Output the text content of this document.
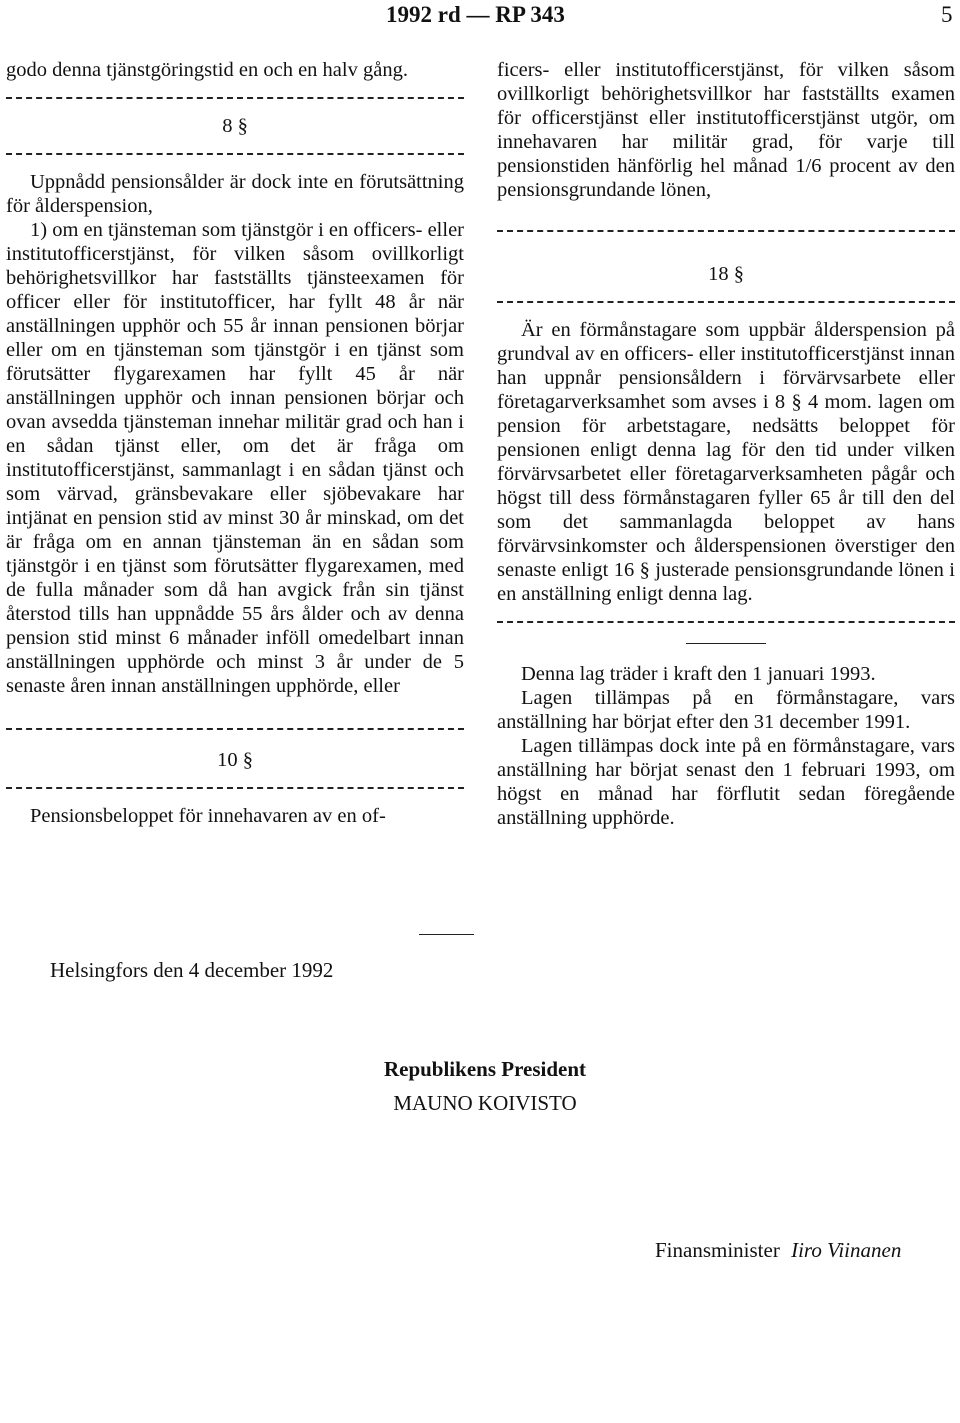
1992 rd — RP 343	5

godo denna tjänstgöringstid en och en halv gång.

8 §

Uppnådd pensionsålder är dock inte en förutsättning för ålderspension,

1) om en tjänsteman som tjänstgör i en officers- eller institutofficerstjänst, för vilken såsom ovillkorligt behörighetsvillkor har fastställts tjänsteexamen för officer eller för institutofficer, har fyllt 48 år när anställningen upphör och 55 år innan pensionen börjar eller om en tjänsteman som tjänstgör i en tjänst som förutsätter flygarexamen har fyllt 45 år när anställningen upphör och innan pensionen börjar och ovan avsedda tjänsteman innehar militär grad och han i en sådan tjänst eller, om det är fråga om institutofficerstjänst, sammanlagt i en sådan tjänst och som värvad, gränsbevakare eller sjöbevakare har intjänat en pension stid av minst 30 år minskad, om det är fråga om en annan tjänsteman än en sådan som tjänstgör i en tjänst som förutsätter flygarexamen, med de fulla månader som då han avgick från sin tjänst återstod tills han uppnådde 55 års ålder och av denna pension stid minst 6 månader inföll omedelbart innan anställningen upphörde och minst 3 år under de 5 senaste åren innan anställningen upphörde, eller

10 §

Pensionsbeloppet för innehavaren av en of-

ficers- eller institutofficerstjänst, för vilken såsom ovillkorligt behörighetsvillkor har fastställts examen för officerstjänst eller institutofficerstjänst utgör, om innehavaren har militär grad, för varje till pensionstiden hänförlig hel månad 1/6 procent av den pensionsgrundande lönen,

18 §

Är en förmånstagare som uppbär ålderspension på grundval av en officers- eller institutofficerstjänst innan han uppnår pensionsåldern i förvärvsarbete eller företagarverksamhet som avses i 8 § 4 mom. lagen om pension för arbetstagare, nedsätts beloppet för pensionen enligt denna lag för den tid under vilken förvärvsarbetet eller företagarverksamheten pågår och högst till dess förmånstagaren fyller 65 år till den del som det sammanlagda beloppet av hans förvärvsinkomster och ålderspensionen överstiger den senaste enligt 16 § justerade pensionsgrundande lönen i en anställning enligt denna lag.

Denna lag träder i kraft den 1 januari 1993.

Lagen tillämpas på en förmånstagare, vars anställning har börjat efter den 31 december 1991.

Lagen tillämpas dock inte på en förmånstagare, vars anställning har börjat senast den 1 februari 1993, om högst en månad har förflutit sedan föregående anställning upphörde.

Helsingfors den 4 december 1992
Republikens President
MAUNO KOIVISTO
Finansminister Iiro Viinanen
